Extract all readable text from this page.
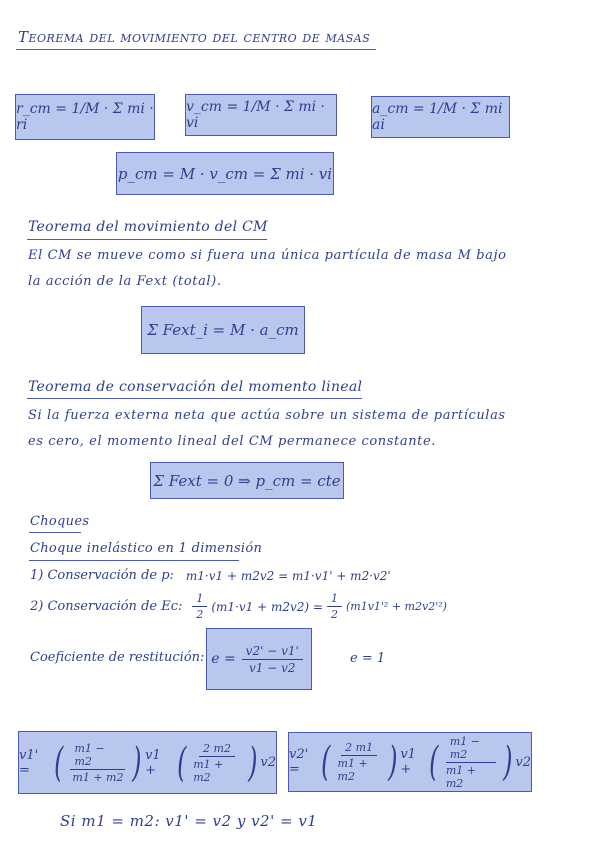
Teorema del movimiento del centro de masas
r_cm = 1/M · Σ mi · ri
v_cm = 1/M · Σ mi · vi
a_cm = 1/M · Σ mi ai
p_cm = M · v_cm = Σ mi · vi
Teorema del movimiento del CM
El CM se mueve como si fuera una única partícula de masa M bajo
la acción de la Fext (total).
Σ Fext_i = M · a_cm
Teorema de conservación del momento lineal
Si la fuerza externa neta que actúa sobre un sistema de partículas
es cero, el momento lineal del CM permanece constante.
Σ Fext = 0 ⇒ p_cm = cte
Choques
Choque inelástico en 1 dimensión
1) Conservación de p: m1·v1 + m2v2 = m1·v1' + m2·v2'
2) Conservación de Ec: $\frac{1}{2} (m1\cdot v1 + m2v2) = \frac{1}{2} (m1v1'^2 + m2v2'^2)$
Coeficiente de restitución: $e = \frac{v2' - v1'}{v1 - v2}$	e = 1
v1' = ( $\frac{m1 - m2}{m1 + m2}$ ) v1 + ( $\frac{2 m2}{m1 + m2}$ ) v2
v2' = ( $\frac{2 m1}{m1 + m2}$ ) v1 + ( $\frac{m1 - m2}{m1 + m2}$ ) v2
Si m1 = m2: v1' = v2 y v2' = v1
